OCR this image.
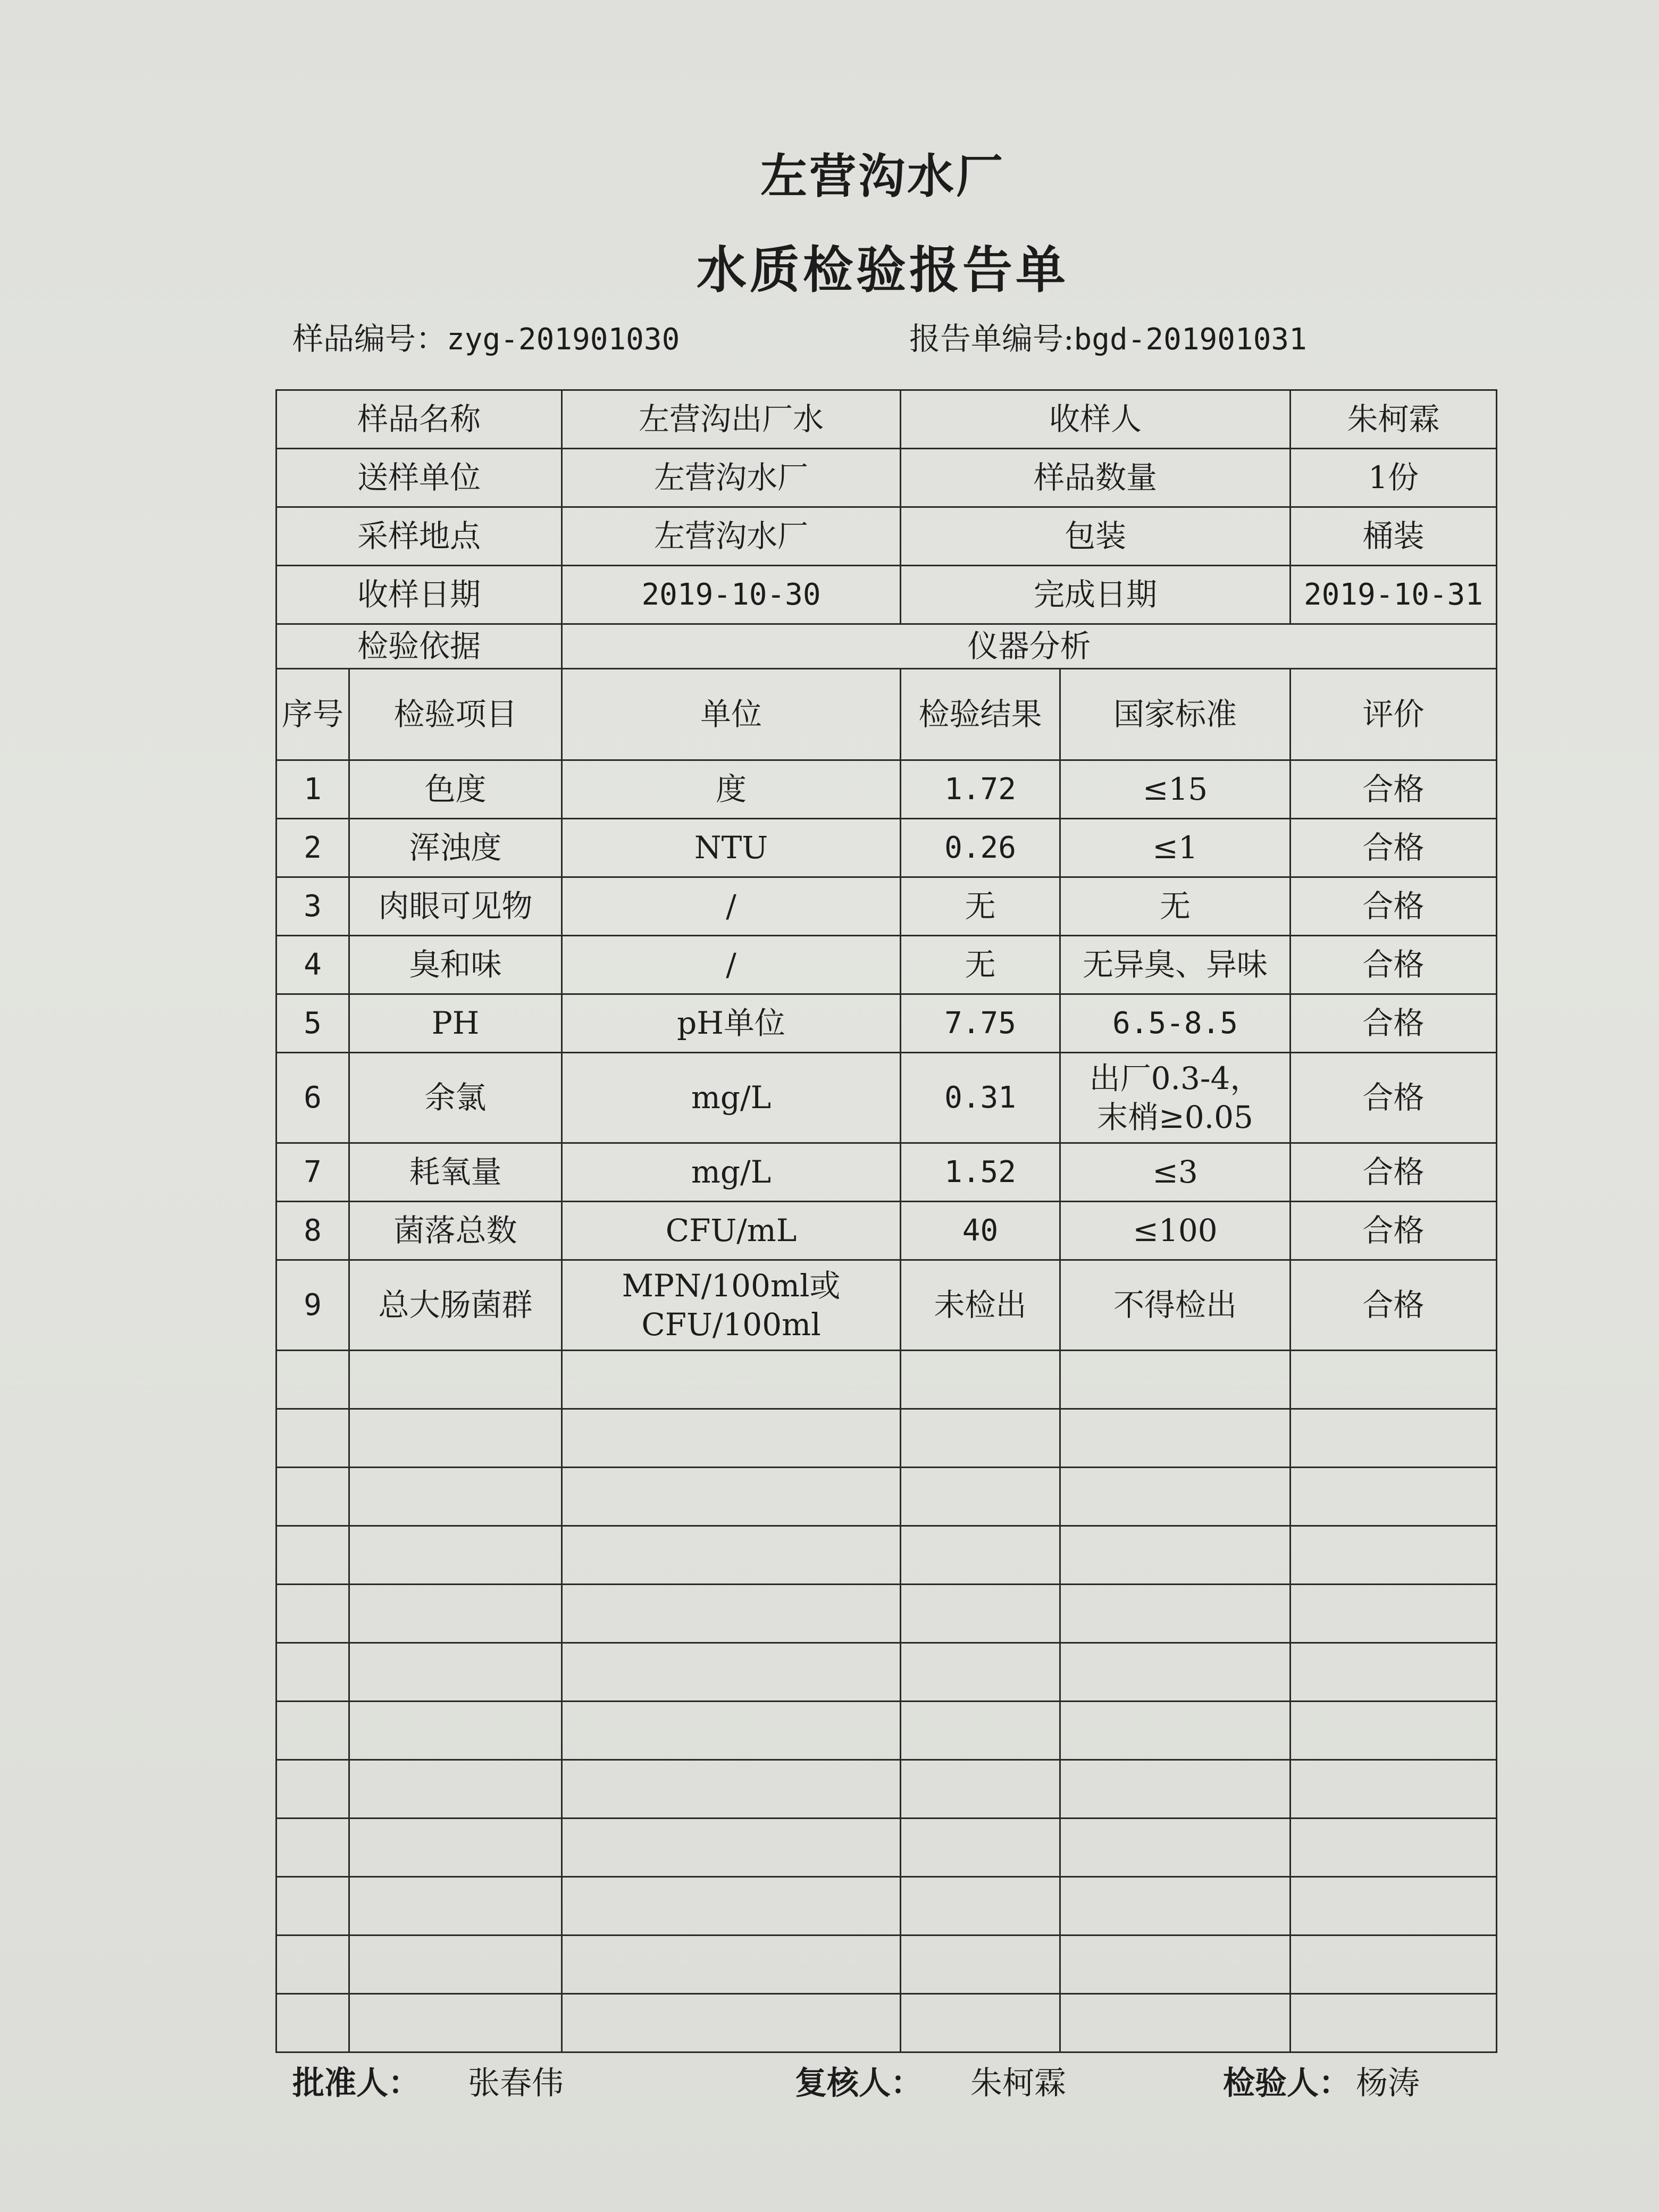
左营沟水厂
水质检验报告单
样品编号：zyg-201901030	报告单编号:bgd-201901031
样品名称		左营沟出厂水	收样人		朱柯霖
送样单位		左营沟水厂	样品数量		1份
采样地点		左营沟水厂	包装		桶装
收样日期		2019-10-30	完成日期		2019-10-31
检验依据		仪器分析			
序号	检验项目	单位	检验结果	国家标准	评价
1	色度	度	1.72	≤15	合格
2	浑浊度	NTU	0.26	≤1	合格
3	肉眼可见物	/	无	无	合格
4	臭和味	/	无	无异臭、异味	合格
5	PH	pH单位	7.75	6.5-8.5	合格
6	余氯	mg/L	0.31	出厂0.3-4，末梢≥0.05	合格
7	耗氧量	mg/L	1.52	≤3	合格
8	菌落总数	CFU/mL	40	≤100	合格
9	总大肠菌群	MPN/100ml或CFU/100ml	未检出	不得检出	合格

批准人： 张春伟	复核人： 朱柯霖	检验人： 杨涛
